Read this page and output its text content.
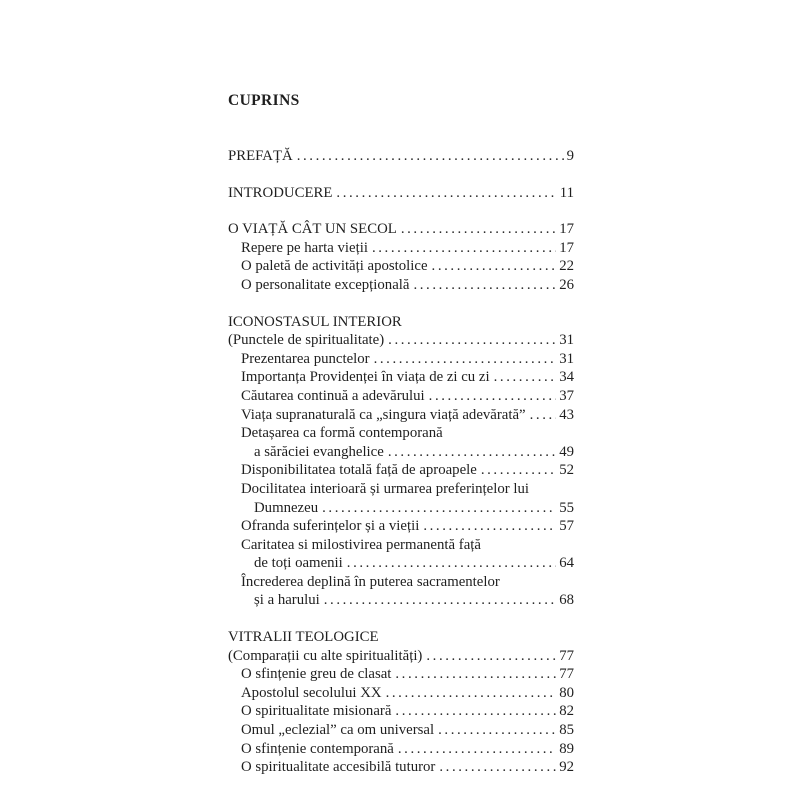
CUPRINS
PREFAȚĂ .....	9
INTRODUCERE .....	11
O VIAȚĂ CÂT UN SECOL .....	17
Repere pe harta vieții .....	17
O paletă de activități apostolice .....	22
O personalitate excepțională .....	26
ICONOSTASUL INTERIOR
(Punctele de spiritualitate) .....	31
Prezentarea punctelor .....	31
Importanța Providenței în viața de zi cu zi .....	34
Căutarea continuă a adevărului .....	37
Viața supranaturală ca „singura viață adevărată” ..... 43
Detașarea ca formă contemporană
a sărăciei evanghelice .....	49
Disponibilitatea totală față de aproapele .....	52
Docilitatea interioară și urmarea preferințelor lui
Dumnezeu .....	55
Ofranda suferințelor și a vieții .....	57
Caritatea si milostivirea permanentă față
de toți oamenii .....	64
Încrederea deplină în puterea sacramentelor
și a harului .....	68
VITRALII TEOLOGICE
(Comparații cu alte spiritualități) .....	77
O sfințenie greu de clasat .....	77
Apostolul secolului XX .....	80
O spiritualitate misionară .....	82
Omul „eclezial” ca om universal .....	85
O sfințenie contemporană .....	89
O spiritualitate accesibilă tuturor .....	92
